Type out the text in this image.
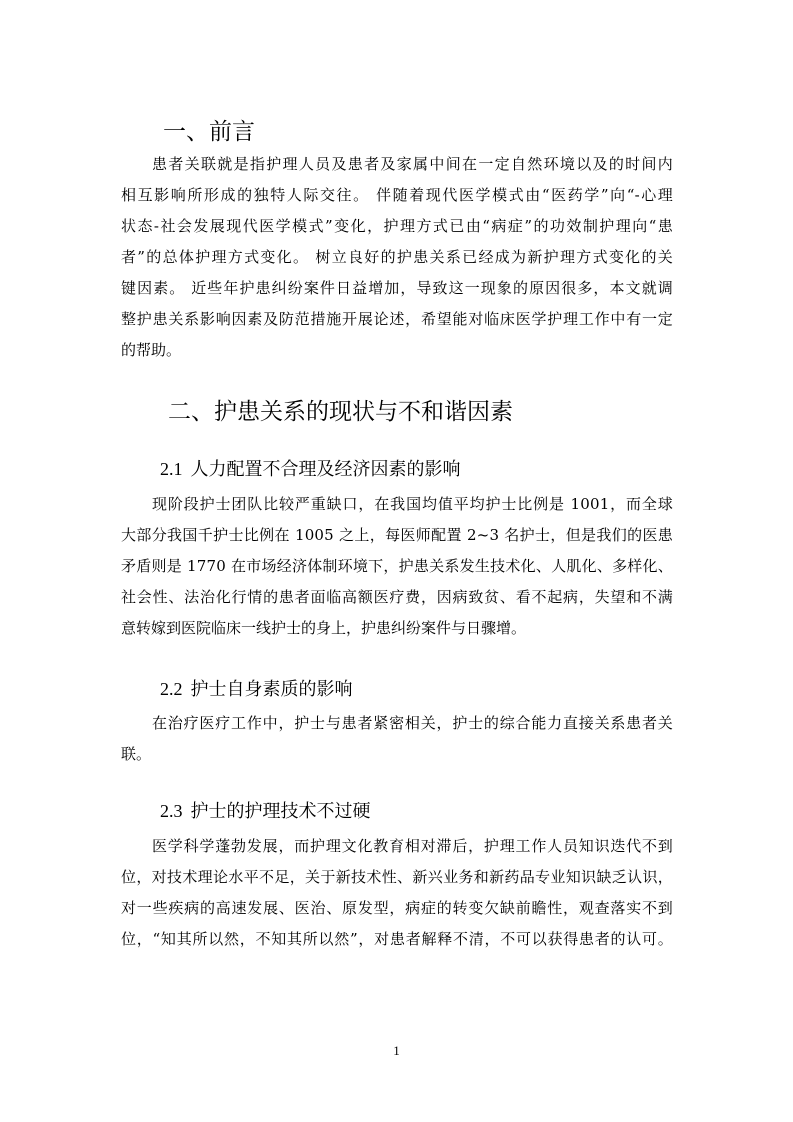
一、前言
患者关联就是指护理人员及患者及家属中间在一定自然环境以及的时间内
相互影响所形成的独特人际交往。 伴随着现代医学模式由“医药学”向“-心理
状态-社会发展现代医学模式”变化，护理方式已由“病症”的功效制护理向“患
者”的总体护理方式变化。 树立良好的护患关系已经成为新护理方式变化的关
键因素。 近些年护患纠纷案件日益增加，导致这一现象的原因很多，本文就调
整护患关系影响因素及防范措施开展论述，希望能对临床医学护理工作中有一定
的帮助。
二、护患关系的现状与不和谐因素
2.1 人力配置不合理及经济因素的影响
现阶段护士团队比较严重缺口，在我国均值平均护士比例是 1001，而全球
大部分我国千护士比例在 1005 之上，每医师配置 2~3 名护士，但是我们的医患
矛盾则是 1770 在市场经济体制环境下，护患关系发生技术化、人肌化、多样化、
社会性、法治化行情的患者面临高额医疗费，因病致贫、看不起病，失望和不满
意转嫁到医院临床一线护士的身上，护患纠纷案件与日骤增。
2.2 护士自身素质的影响
在治疗医疗工作中，护士与患者紧密相关，护士的综合能力直接关系患者关
联。
2.3 护士的护理技术不过硬
医学科学蓬勃发展，而护理文化教育相对滞后，护理工作人员知识迭代不到
位，对技术理论水平不足，关于新技术性、新兴业务和新药品专业知识缺乏认识，
对一些疾病的高速发展、医治、原发型，病症的转变欠缺前瞻性，观查落实不到
位，“知其所以然，不知其所以然”，对患者解释不清，不可以获得患者的认可。
1
